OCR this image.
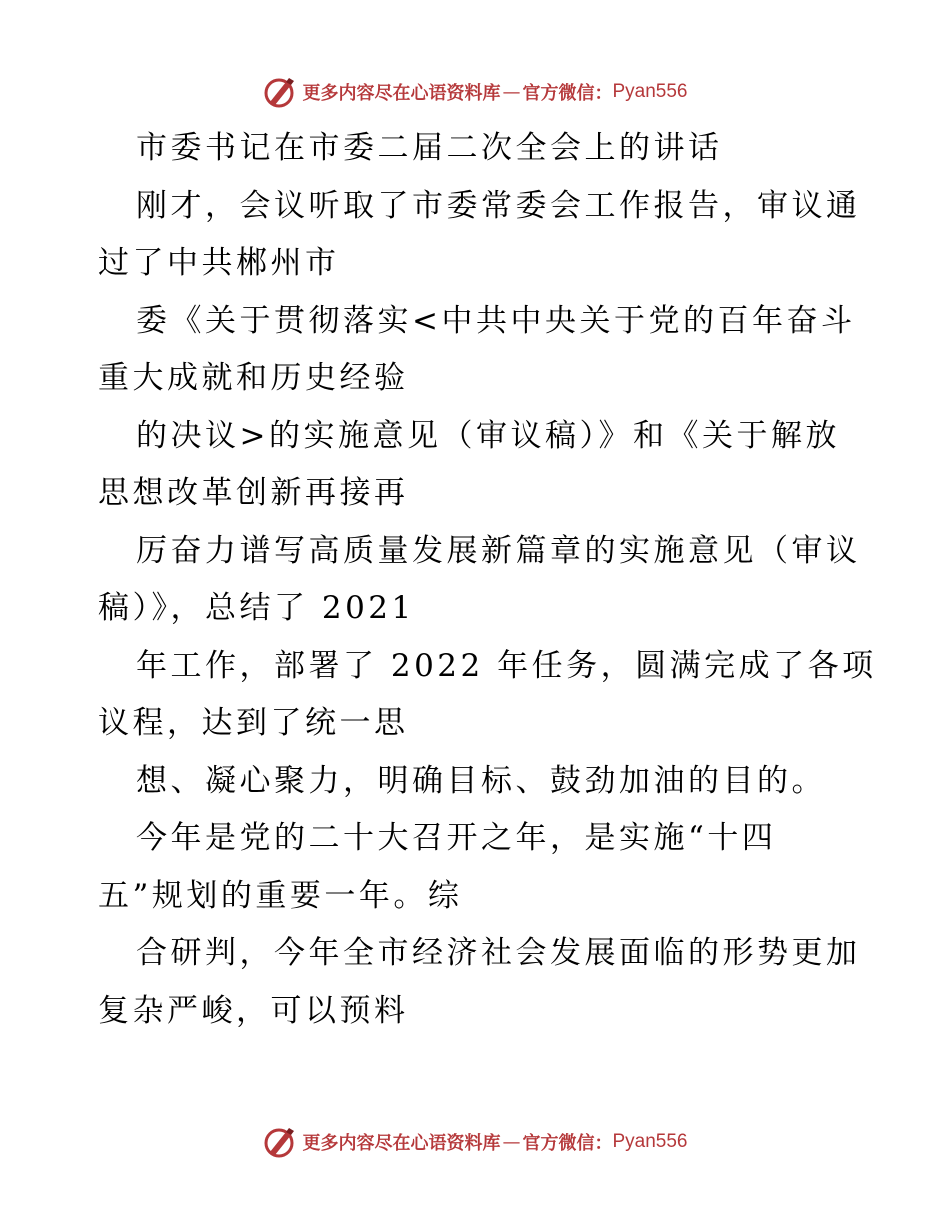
更多内容尽在心语资料库 — 官方微信： Pyan556
市委书记在市委二届二次全会上的讲话
刚才，会议听取了市委常委会工作报告，审议通
过了中共郴州市
委《关于贯彻落实<中共中央关于党的百年奋斗
重大成就和历史经验
的决议>的实施意见（审议稿）》和《关于解放
思想改革创新再接再
厉奋力谱写高质量发展新篇章的实施意见（审议
稿）》，总结了 2021
年工作，部署了 2022 年任务，圆满完成了各项
议程，达到了统一思
想、凝心聚力，明确目标、鼓劲加油的目的。
今年是党的二十大召开之年，是实施“十四
五”规划的重要一年。综
合研判，今年全市经济社会发展面临的形势更加
复杂严峻，可以预料
更多内容尽在心语资料库 — 官方微信： Pyan556
